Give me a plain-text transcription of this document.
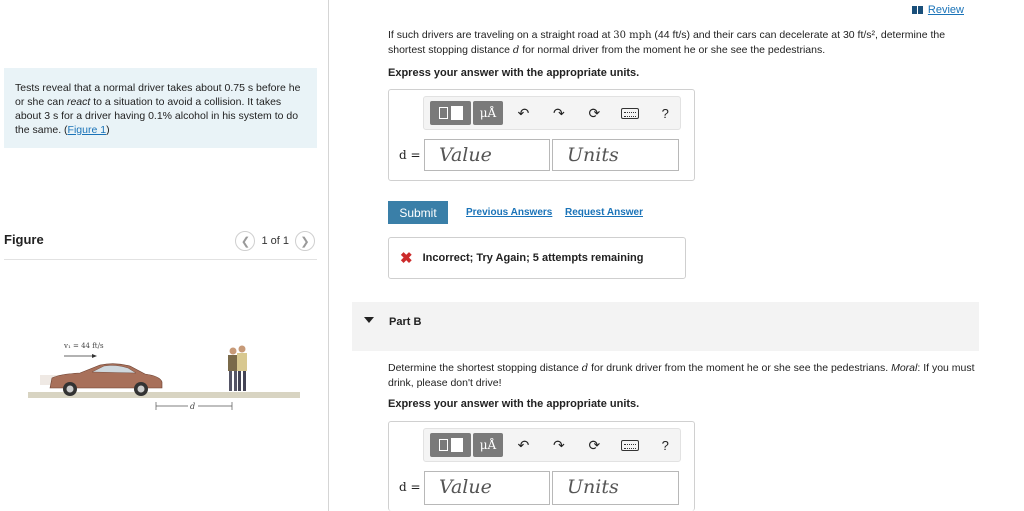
Tests reveal that a normal driver takes about 0.75 s before he or she can react to a situation to avoid a collision. It takes about 3 s for a driver having 0.1% alcohol in his system to do the same. (Figure 1)
Figure	❮ 1 of 1 ❯
v₁ = 44 ft/s
d
Review
If such drivers are traveling on a straight road at 30 mph (44 ft/s) and their cars can decelerate at 30 ft/s², determine the shortest stopping distance d for normal driver from the moment he or she see the pedestrians.
Express your answer with the appropriate units.
μÅ	↶	↷	⟳	?
d = Value	Units
Submit	Previous Answers Request Answer
✖ Incorrect; Try Again; 5 attempts remaining
Part B
Determine the shortest stopping distance d for drunk driver from the moment he or she see the pedestrians. Moral: If you must drink, please don't drive!
Express your answer with the appropriate units.
μÅ	↶	↷	⟳	?
d = Value	Units
